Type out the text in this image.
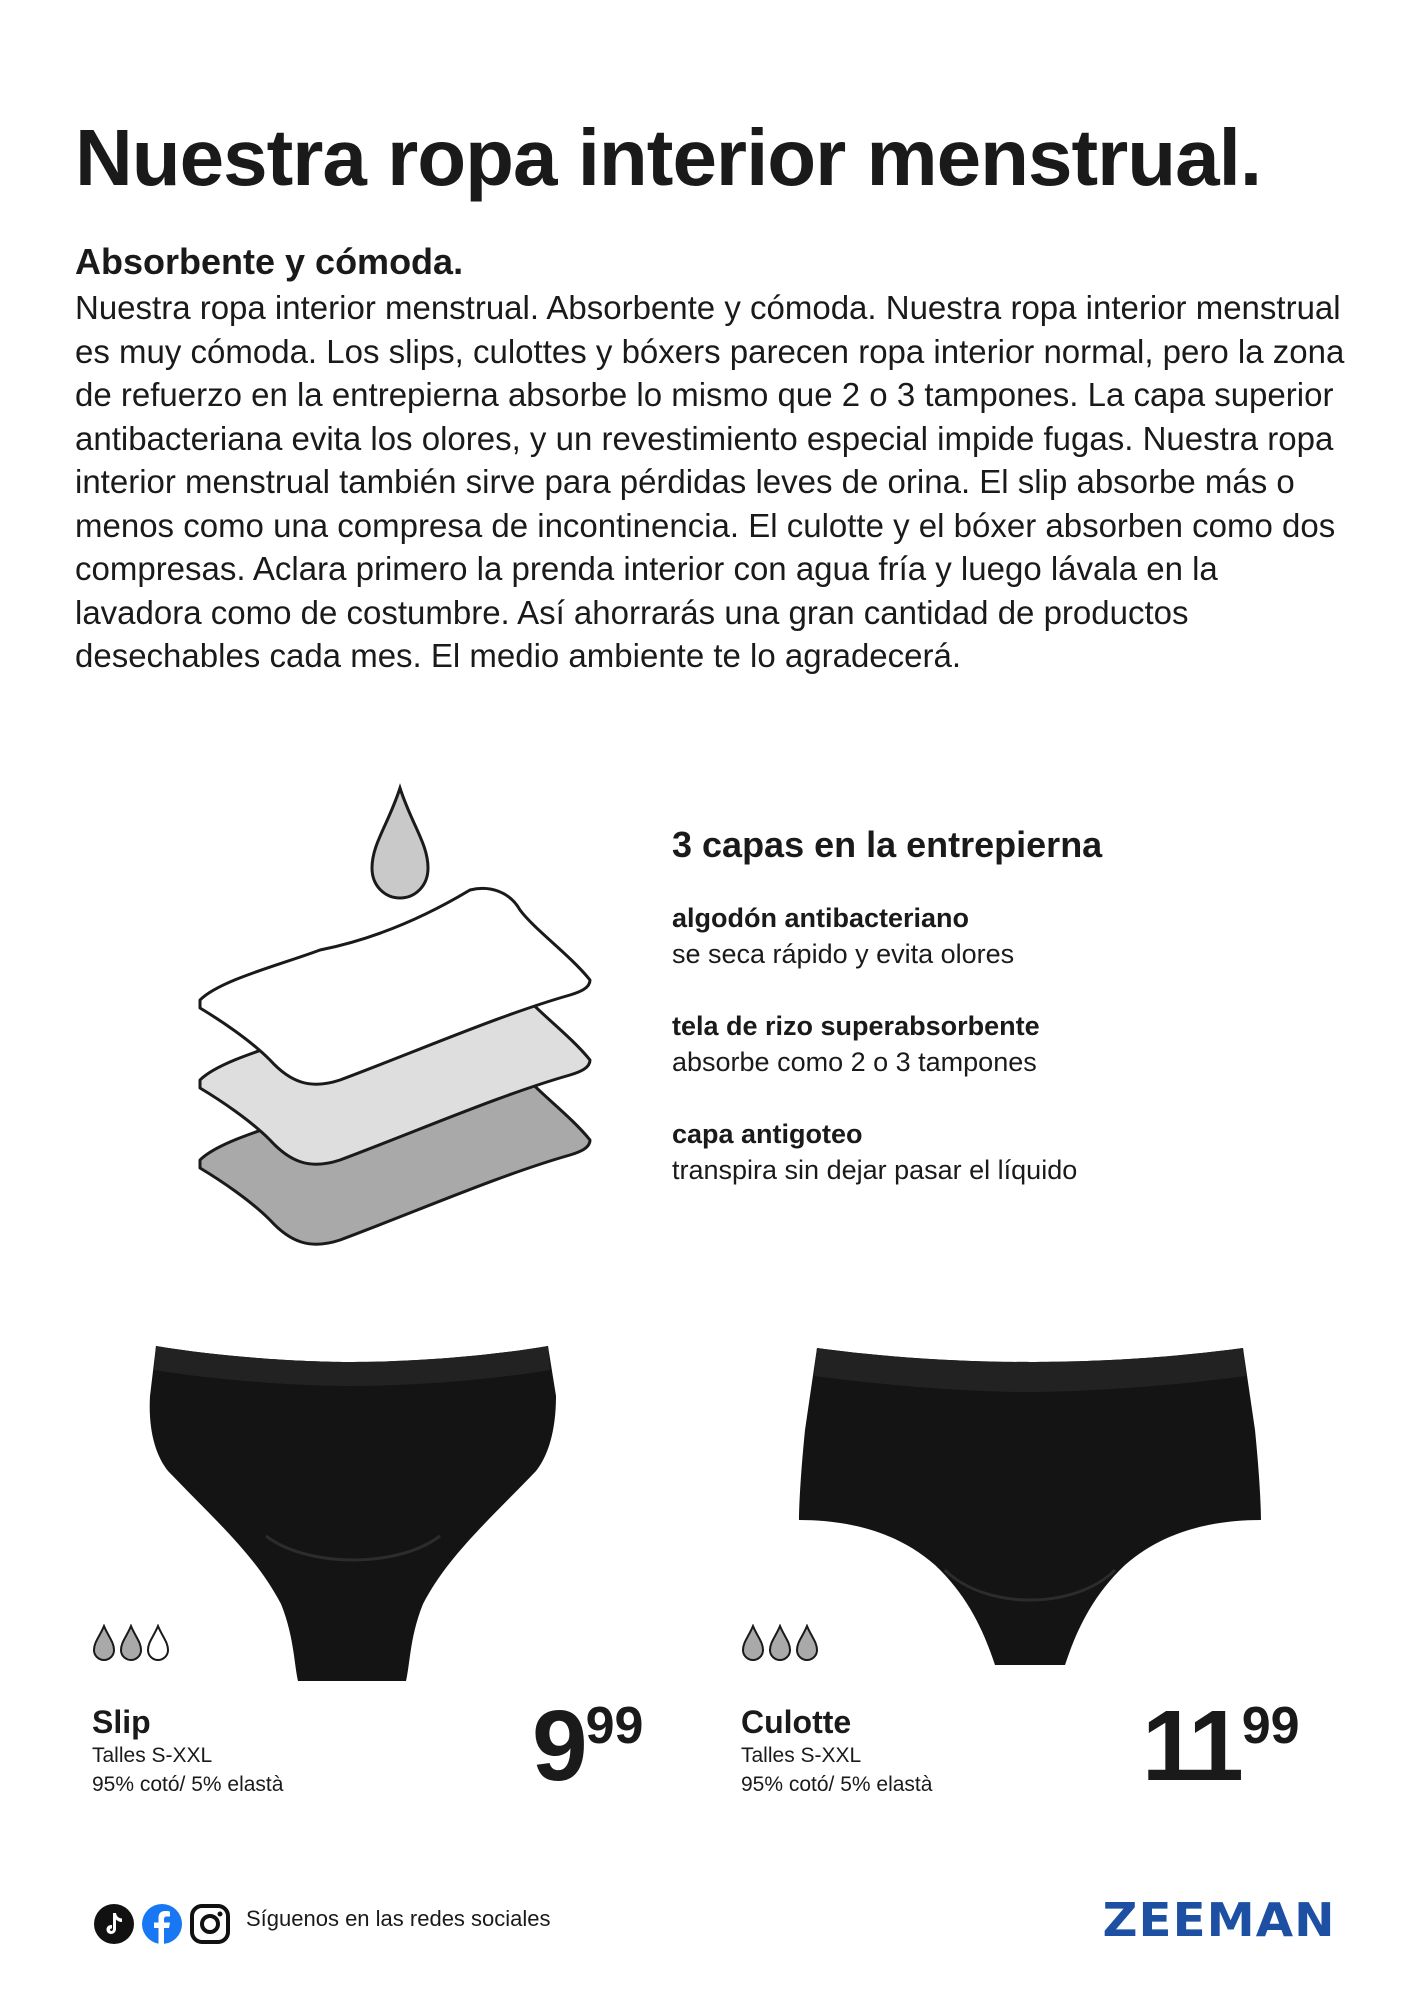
Nuestra ropa interior menstrual.
Absorbente y cómoda.

Nuestra ropa interior menstrual. Absorbente y cómoda. Nuestra ropa interior menstrual es muy cómoda. Los slips, culottes y bóxers parecen ropa interior normal, pero la zona de refuerzo en la entrepierna absorbe lo mismo que 2 o 3 tampones. La capa superior antibacteriana evita los olores, y un revestimiento especial impide fugas. Nuestra ropa interior menstrual también sirve para pérdidas leves de orina. El slip absorbe más o menos como una compresa de incontinencia. El culotte y el bóxer absorben como dos compresas. Aclara primero la prenda interior con agua fría y luego lávala en la lavadora como de costumbre. Así ahorrarás una gran cantidad de productos desechables cada mes. El medio ambiente te lo agradecerá.

3 capas en la entrepierna
algodón antibacteriano
se seca rápido y evita olores
tela de rizo superabsorbente
absorbe como 2 o 3 tampones
capa antigoteo
transpira sin dejar pasar el líquido
Slip
Talles S-XXL
95% cotó/ 5% elastà 9 99	Culotte
Talles S-XXL
95% cotó/ 5% elastà 11 99
Síguenos en las redes sociales	ZEEMAN
